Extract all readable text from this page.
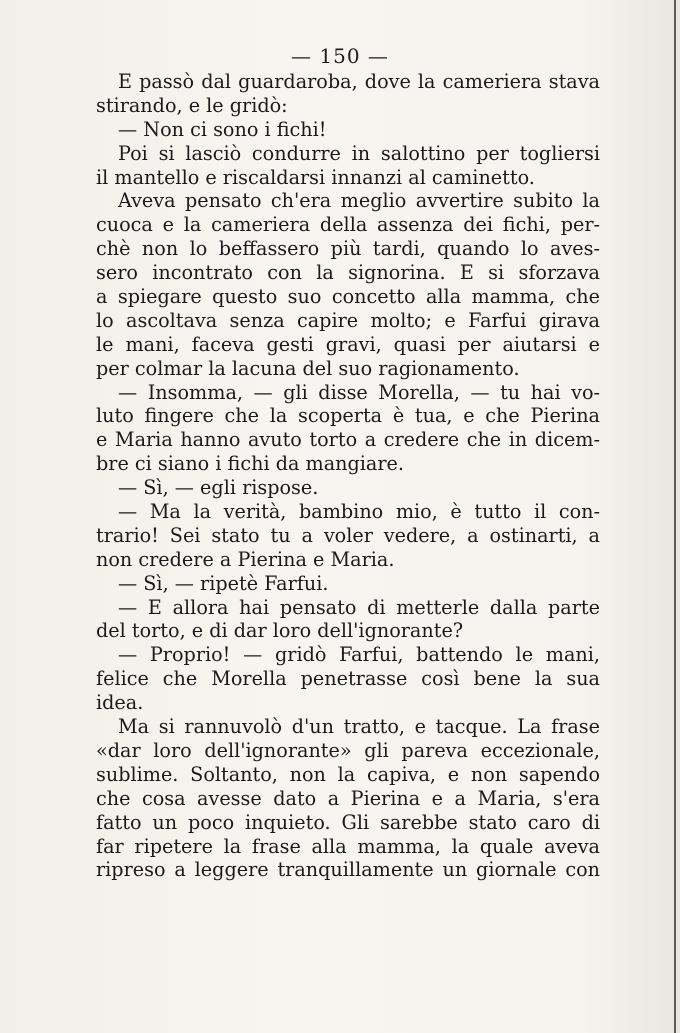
— 150 —
E passò dal guardaroba, dove la cameriera stava
stirando, e le gridò:
— Non ci sono i fichi!
Poi si lasciò condurre in salottino per togliersi
il mantello e riscaldarsi innanzi al caminetto.
Aveva pensato ch'era meglio avvertire subito la
cuoca e la cameriera della assenza dei fichi, per-
chè non lo beffassero più tardi, quando lo aves-
sero incontrato con la signorina. E si sforzava
a spiegare questo suo concetto alla mamma, che
lo ascoltava senza capire molto; e Farfui girava
le mani, faceva gesti gravi, quasi per aiutarsi e
per colmar la lacuna del suo ragionamento.
— Insomma, — gli disse Morella, — tu hai vo-
luto fingere che la scoperta è tua, e che Pierina
e Maria hanno avuto torto a credere che in dicem-
bre ci siano i fichi da mangiare.
— Sì, — egli rispose.
— Ma la verità, bambino mio, è tutto il con-
trario! Sei stato tu a voler vedere, a ostinarti, a
non credere a Pierina e Maria.
— Sì, — ripetè Farfui.
— E allora hai pensato di metterle dalla parte
del torto, e di dar loro dell'ignorante?
— Proprio! — gridò Farfui, battendo le mani,
felice che Morella penetrasse così bene la sua
idea.
Ma si rannuvolò d'un tratto, e tacque. La frase
«dar loro dell'ignorante» gli pareva eccezionale,
sublime. Soltanto, non la capiva, e non sapendo
che cosa avesse dato a Pierina e a Maria, s'era
fatto un poco inquieto. Gli sarebbe stato caro di
far ripetere la frase alla mamma, la quale aveva
ripreso a leggere tranquillamente un giornale con
